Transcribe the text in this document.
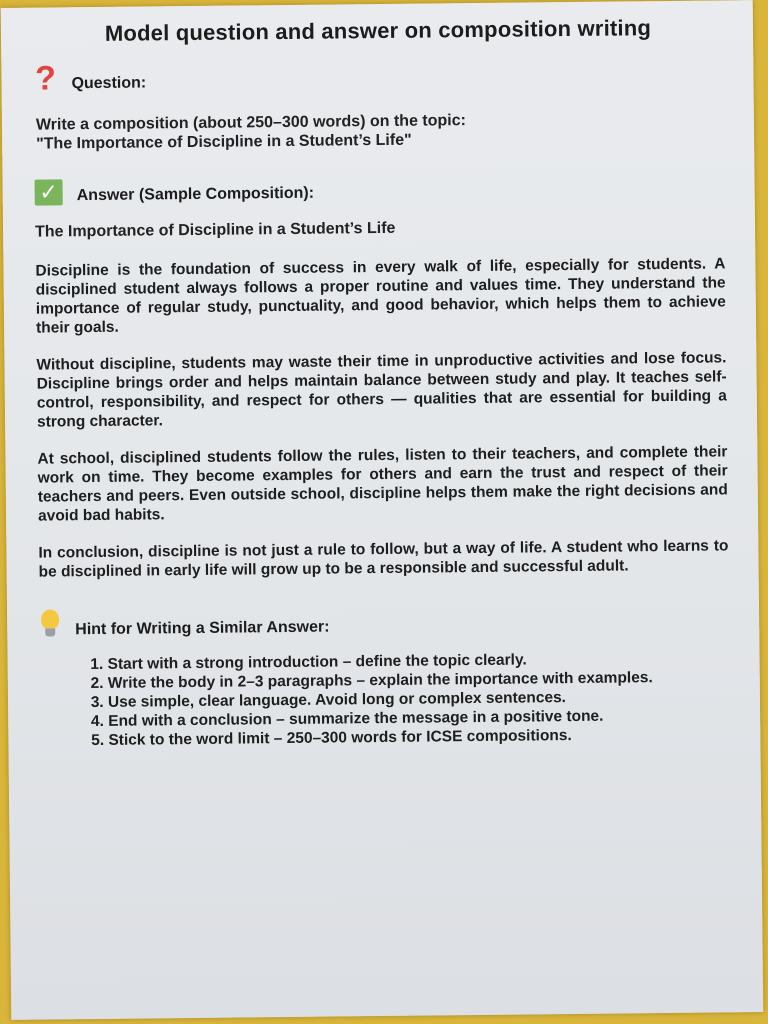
Model question and answer on composition writing
? Question:
Write a composition (about 250–300 words) on the topic:
"The Importance of Discipline in a Student’s Life"
✓ Answer (Sample Composition):
The Importance of Discipline in a Student’s Life

Discipline is the foundation of success in every walk of life, especially for students. A disciplined student always follows a proper routine and values time. They understand the importance of regular study, punctuality, and good behavior, which helps them to achieve their goals.

Without discipline, students may waste their time in unproductive activities and lose focus. Discipline brings order and helps maintain balance between study and play. It teaches self-control, responsibility, and respect for others — qualities that are essential for building a strong character.

At school, disciplined students follow the rules, listen to their teachers, and complete their work on time. They become examples for others and earn the trust and respect of their teachers and peers. Even outside school, discipline helps them make the right decisions and avoid bad habits.

In conclusion, discipline is not just a rule to follow, but a way of life. A student who learns to be disciplined in early life will grow up to be a responsible and successful adult.

Hint for Writing a Similar Answer:
1. Start with a strong introduction – define the topic clearly.
2. Write the body in 2–3 paragraphs – explain the importance with examples.
3. Use simple, clear language. Avoid long or complex sentences.
4. End with a conclusion – summarize the message in a positive tone.
5. Stick to the word limit – 250–300 words for ICSE compositions.
